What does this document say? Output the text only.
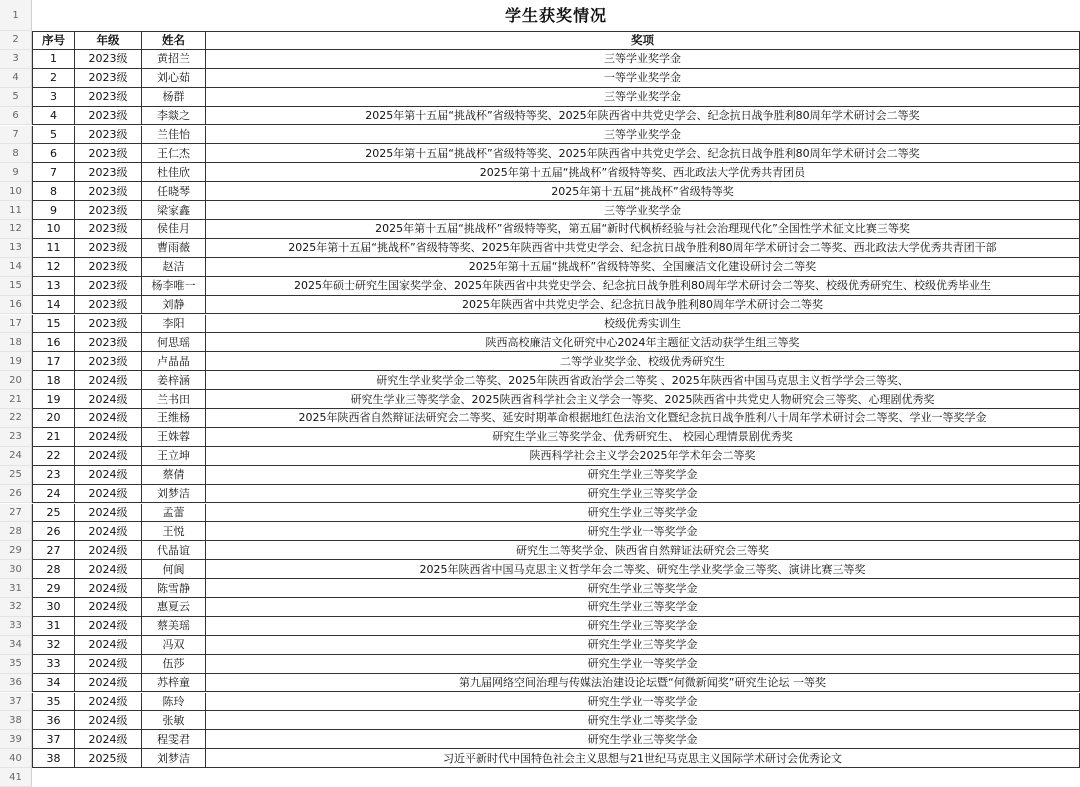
1
2
3
4
5
6
7
8
9
10
11
12
13
14
15
16
17
18
19
20
21
22
23
24
25
26
27
28
29
30
31
32
33
34
35
36
37
38
39
40
41
学生获奖情况
序号	年级	姓名	奖项
1	2023级	黄招兰	三等学业奖学金
2	2023级	刘心茹	一等学业奖学金
3	2023级	杨群	三等学业奖学金
4	2023级	李燚之	2025年第十五届“挑战杯”省级特等奖、2025年陕西省中共党史学会、纪念抗日战争胜利80周年学术研讨会二等奖
5	2023级	兰佳怡	三等学业奖学金
6	2023级	王仁杰	2025年第十五届“挑战杯”省级特等奖、2025年陕西省中共党史学会、纪念抗日战争胜利80周年学术研讨会二等奖
7	2023级	杜佳欣	2025年第十五届“挑战杯”省级特等奖、西北政法大学优秀共青团员
8	2023级	任晓琴	2025年第十五届“挑战杯”省级特等奖
9	2023级	梁家鑫	三等学业奖学金
10	2023级	侯佳月	2025年第十五届“挑战杯”省级特等奖，第五届“新时代枫桥经验与社会治理现代化”全国性学术征文比赛三等奖
11	2023级	曹雨薇	2025年第十五届“挑战杯”省级特等奖、2025年陕西省中共党史学会、纪念抗日战争胜利80周年学术研讨会二等奖、西北政法大学优秀共青团干部
12	2023级	赵洁	2025年第十五届“挑战杯”省级特等奖、全国廉洁文化建设研讨会二等奖
13	2023级	杨李唯一	2025年硕士研究生国家奖学金、2025年陕西省中共党史学会、纪念抗日战争胜利80周年学术研讨会二等奖、校级优秀研究生、校级优秀毕业生
14	2023级	刘静	2025年陕西省中共党史学会、纪念抗日战争胜利80周年学术研讨会二等奖
15	2023级	李阳	校级优秀实训生
16	2023级	何思瑶	陕西高校廉洁文化研究中心2024年主题征文活动获学生组三等奖
17	2023级	卢晶晶	二等学业奖学金、校级优秀研究生
18	2024级	姜梓涵	研究生学业奖学金二等奖、2025年陕西省政治学会二等奖 、2025年陕西省中国马克思主义哲学学会三等奖、
19	2024级	兰书田	研究生学业三等奖学金、2025陕西省科学社会主义学会一等奖、2025陕西省中共党史人物研究会三等奖、心理剧优秀奖
20	2024级	王维杨	2025年陕西省自然辩证法研究会二等奖、延安时期革命根据地红色法治文化暨纪念抗日战争胜利八十周年学术研讨会二等奖、学业一等奖学金
21	2024级	王姝蓉	研究生学业三等奖学金、优秀研究生、 校园心理情景剧优秀奖
22	2024级	王立坤	陕西科学社会主义学会2025年学术年会二等奖
23	2024级	蔡倩	研究生学业三等奖学金
24	2024级	刘梦洁	研究生学业三等奖学金
25	2024级	孟蕾	研究生学业三等奖学金
26	2024级	王悦	研究生学业一等奖学金
27	2024级	代晶谊	研究生二等奖学金、陕西省自然辩证法研究会三等奖
28	2024级	何阆	2025年陕西省中国马克思主义哲学年会二等奖、研究生学业奖学金三等奖、演讲比赛三等奖
29	2024级	陈雪静	研究生学业三等奖学金
30	2024级	惠夏云	研究生学业三等奖学金
31	2024级	蔡美瑶	研究生学业三等奖学金
32	2024级	冯双	研究生学业三等奖学金
33	2024级	伍莎	研究生学业一等奖学金
34	2024级	苏梓童	第九届网络空间治理与传媒法治建设论坛暨“何微新闻奖”研究生论坛 一等奖
35	2024级	陈玲	研究生学业一等奖学金
36	2024级	张敏	研究生学业二等奖学金
37	2024级	程雯君	研究生学业三等奖学金
38	2025级	刘梦洁	习近平新时代中国特色社会主义思想与21世纪马克思主义国际学术研讨会优秀论文
